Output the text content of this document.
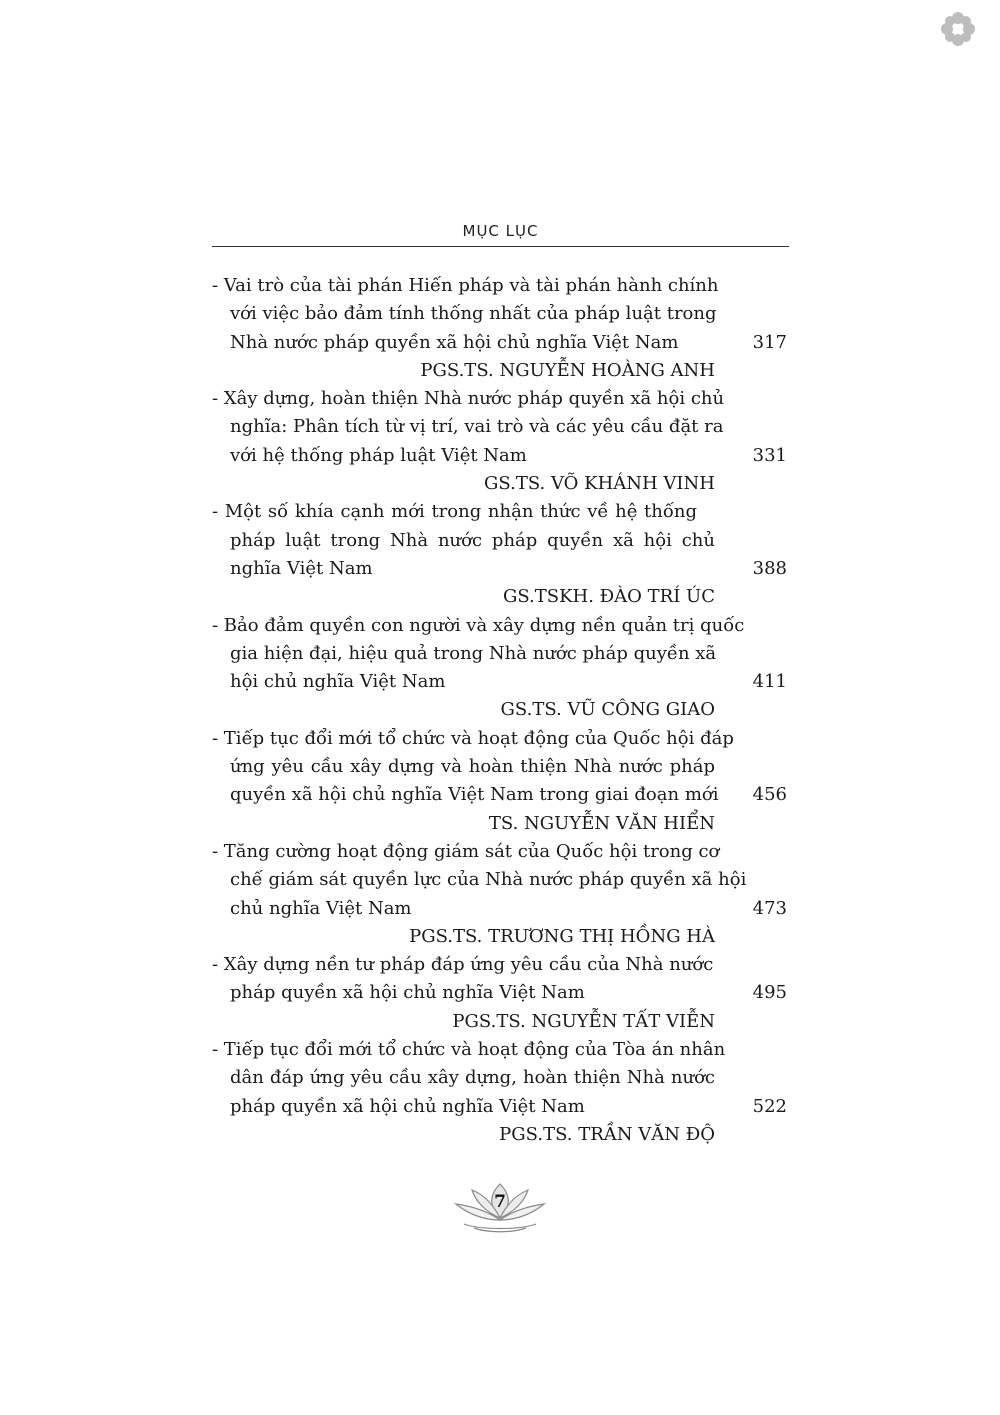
MỤC LỤC
- Vai trò của tài phán Hiến pháp và tài phán hành chính
với việc bảo đảm tính thống nhất của pháp luật trong
Nhà nước pháp quyền xã hội chủ nghĩa Việt Nam	317
PGS.TS. NGUYỄN HOÀNG ANH
- Xây dựng, hoàn thiện Nhà nước pháp quyền xã hội chủ
nghĩa: Phân tích từ vị trí, vai trò và các yêu cầu đặt ra
với hệ thống pháp luật Việt Nam	331
GS.TS. VÕ KHÁNH VINH
- Một số khía cạnh mới trong nhận thức về hệ thống
pháp luật trong Nhà nước pháp quyền xã hội chủ
nghĩa Việt Nam	388
GS.TSKH. ĐÀO TRÍ ÚC
- Bảo đảm quyền con người và xây dựng nền quản trị quốc
gia hiện đại, hiệu quả trong Nhà nước pháp quyền xã
hội chủ nghĩa Việt Nam	411
GS.TS. VŨ CÔNG GIAO
- Tiếp tục đổi mới tổ chức và hoạt động của Quốc hội đáp
ứng yêu cầu xây dựng và hoàn thiện Nhà nước pháp
quyền xã hội chủ nghĩa Việt Nam trong giai đoạn mới 456
TS. NGUYỄN VĂN HIỂN
- Tăng cường hoạt động giám sát của Quốc hội trong cơ
chế giám sát quyền lực của Nhà nước pháp quyền xã hội
chủ nghĩa Việt Nam	473
PGS.TS. TRƯƠNG THỊ HỒNG HÀ
- Xây dựng nền tư pháp đáp ứng yêu cầu của Nhà nước
pháp quyền xã hội chủ nghĩa Việt Nam	495
PGS.TS. NGUYỄN TẤT VIỄN
- Tiếp tục đổi mới tổ chức và hoạt động của Tòa án nhân
dân đáp ứng yêu cầu xây dựng, hoàn thiện Nhà nước
pháp quyền xã hội chủ nghĩa Việt Nam	522
PGS.TS. TRẦN VĂN ĐỘ
7
